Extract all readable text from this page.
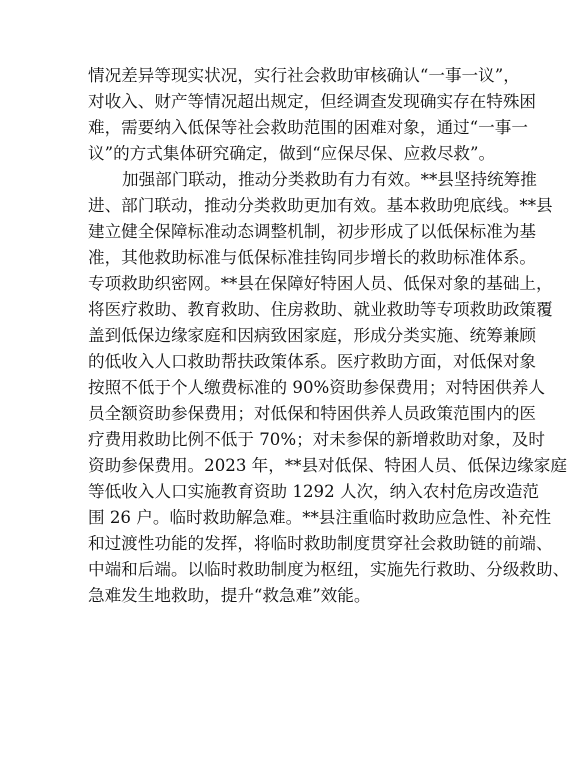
情况差异等现实状况，实行社会救助审核确认“一事一议”，
对收入、财产等情况超出规定，但经调查发现确实存在特殊困
难，需要纳入低保等社会救助范围的困难对象，通过“一事一
议”的方式集体研究确定，做到“应保尽保、应救尽救”。
加强部门联动，推动分类救助有力有效。**县坚持统筹推
进、部门联动，推动分类救助更加有效。基本救助兜底线。**县
建立健全保障标准动态调整机制，初步形成了以低保标准为基
准，其他救助标准与低保标准挂钩同步增长的救助标准体系。
专项救助织密网。**县在保障好特困人员、低保对象的基础上，
将医疗救助、教育救助、住房救助、就业救助等专项救助政策覆
盖到低保边缘家庭和因病致困家庭，形成分类实施、统筹兼顾
的低收入人口救助帮扶政策体系。医疗救助方面，对低保对象
按照不低于个人缴费标准的 90%资助参保费用；对特困供养人
员全额资助参保费用；对低保和特困供养人员政策范围内的医
疗费用救助比例不低于 70%；对未参保的新增救助对象，及时
资助参保费用。2023 年，**县对低保、特困人员、低保边缘家庭
等低收入人口实施教育资助 1292 人次，纳入农村危房改造范
围 26 户。临时救助解急难。**县注重临时救助应急性、补充性
和过渡性功能的发挥，将临时救助制度贯穿社会救助链的前端、
中端和后端。以临时救助制度为枢纽，实施先行救助、分级救助、
急难发生地救助，提升“救急难”效能。
